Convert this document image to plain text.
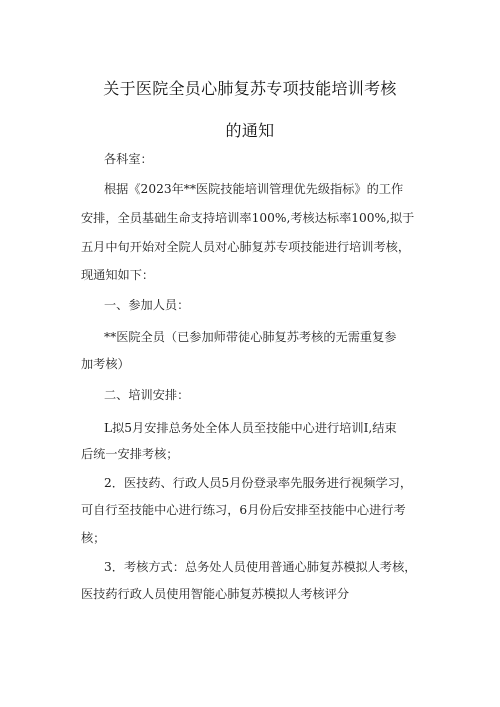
关于医院全员心肺复苏专项技能培训考核
的通知
各科室：
根据《2023年**医院技能培训管理优先级指标》的工作
安排，全员基础生命支持培训率100%,考核达标率100%,拟于
五月中旬开始对全院人员对心肺复苏专项技能进行培训考核，
现通知如下：
一、参加人员：
**医院全员（已参加师带徒心肺复苏考核的无需重复参
加考核）
二、培训安排：
L拟5月安排总务处全体人员至技能中心进行培训I,结束
后统一安排考核；
2．医技药、行政人员5月份登录率先服务进行视频学习，
可自行至技能中心进行练习，6月份后安排至技能中心进行考
核；
3．考核方式：总务处人员使用普通心肺复苏模拟人考核，
医技药行政人员使用智能心肺复苏模拟人考核评分
